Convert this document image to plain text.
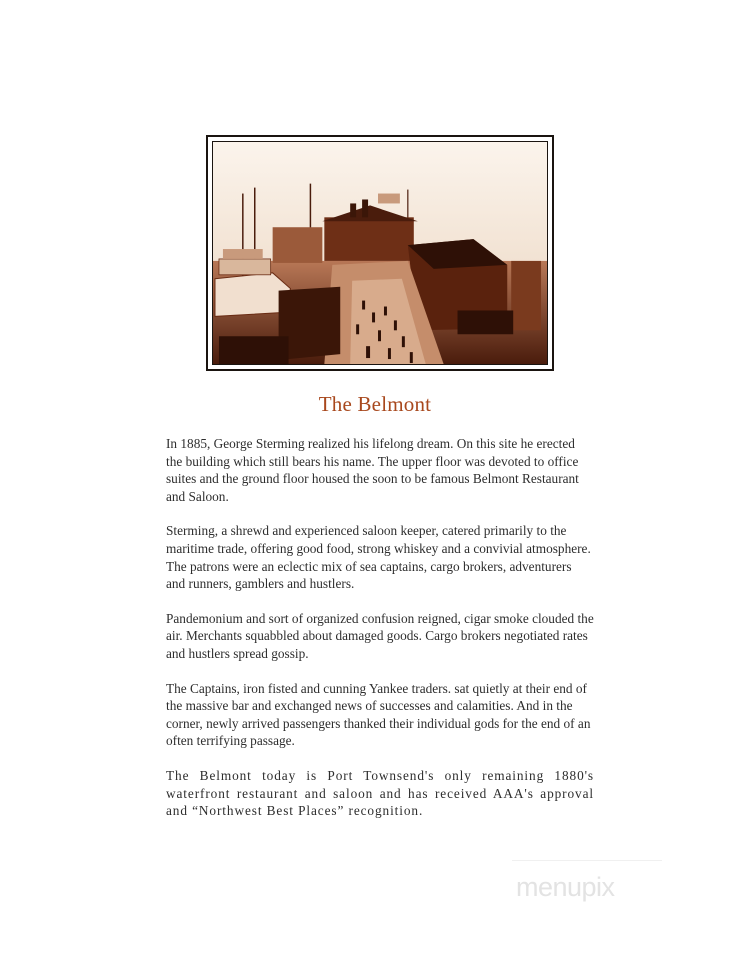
The Belmont

In 1885, George Sterming realized his lifelong dream. On this site he erected the building which still bears his name. The upper floor was devoted to office suites and the ground floor housed the soon to be famous Belmont Restaurant and Saloon.

Sterming, a shrewd and experienced saloon keeper, catered primarily to the maritime trade, offering good food, strong whiskey and a convivial atmosphere. The patrons were an eclectic mix of sea captains, cargo brokers, adventurers and runners, gamblers and hustlers.

Pandemonium and sort of organized confusion reigned, cigar smoke clouded the air. Merchants squabbled about damaged goods. Cargo brokers negotiated rates and hustlers spread gossip.

The Captains, iron fisted and cunning Yankee traders. sat quietly at their end of the massive bar and exchanged news of successes and calamities. And in the corner, newly arrived passengers thanked their individual gods for the end of an often terrifying passage.

The Belmont today is Port Townsend's only remaining 1880's waterfront restaurant and saloon and has received AAA's approval and “Northwest Best Places” recognition.

menupix
